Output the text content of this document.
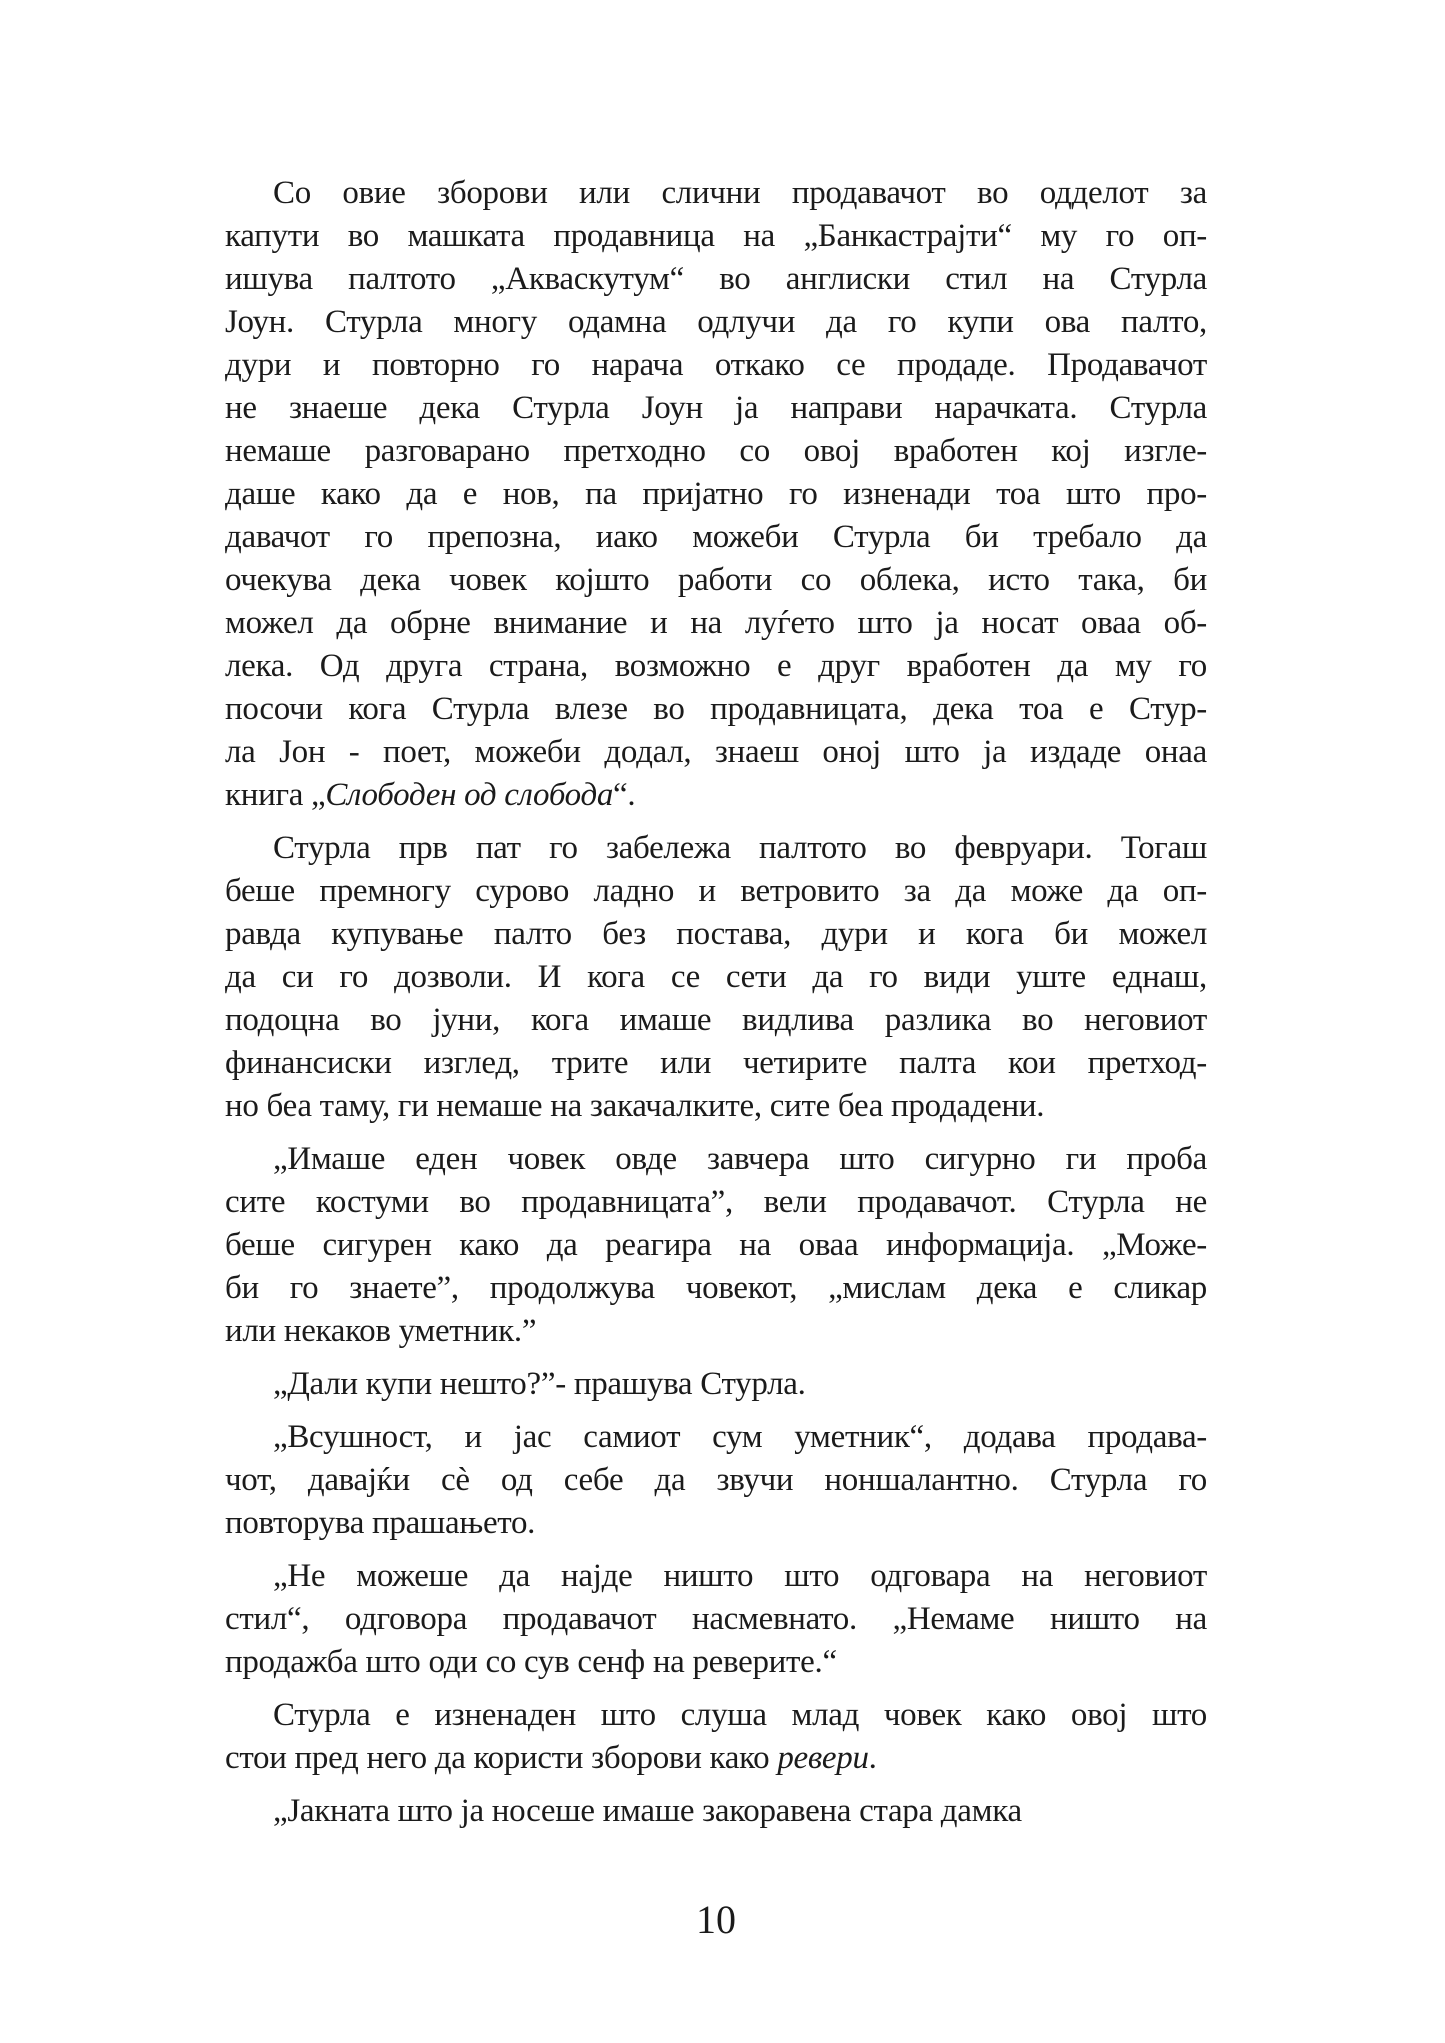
Со овие зборови или слични продавачот во одделот за
капути во машката продавница на „Банкастрајти“ му го оп-
ишува палтото „Акваскутум“ во англиски стил на Стурла
Јоун. Стурла многу одамна одлучи да го купи ова палто,
дури и повторно го нарача откако се продаде. Продавачот
не знаеше дека Стурла Јоун ја направи нарачката. Стурла
немаше разговарано претходно со овој вработен кој изгле-
даше како да е нов, па пријатно го изненади тоа што про-
давачот го препозна, иако можеби Стурла би требало да
очекува дека човек којшто работи со облека, исто така, би
можел да обрне внимание и на луѓето што ја носат оваа об-
лека. Од друга страна, возможно е друг вработен да му го
посочи кога Стурла влезе во продавницата, дека тоа е Стур-
ла Јон - поет, можеби додал, знаеш оној што ја издаде онаа
книга „Слободен од слобода“.
Стурла прв пат го забележа палтото во февруари. Тогаш
беше премногу сурово ладно и ветровито за да може да оп-
равда купување палто без постава, дури и кога би можел
да си го дозволи. И кога се сети да го види уште еднаш,
подоцна во јуни, кога имаше видлива разлика во неговиот
финансиски изглед, трите или четирите палта кои претход-
но беа таму, ги немаше на закачалките, сите беа продадени.
„Имаше еден човек овде завчера што сигурно ги проба
сите костуми во продавницата”, вели продавачот. Стурла не
беше сигурен како да реагира на оваа информација. „Може-
би го знаете”, продолжува човекот, „мислам дека е сликар
или некаков уметник.”
„Дали купи нешто?”- прашува Стурла.
„Всушност, и јас самиот сум уметник“, додава продава-
чот, давајќи сè од себе да звучи ноншалантно. Стурла го
повторува прашањето.
„Не можеше да најде ништо што одговара на неговиот
стил“, одговора продавачот насмевнато. „Немаме ништо на
продажба што оди со сув сенф на реверите.“
Стурла е изненаден што слуша млад човек како овој што
стои пред него да користи зборови како ревери.
„Јакната што ја носеше имаше закоравена стара дамка
10
